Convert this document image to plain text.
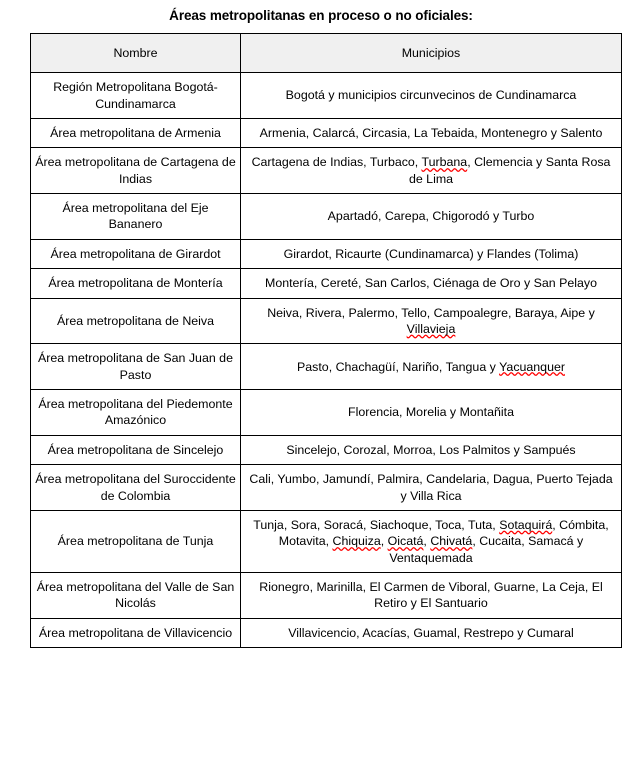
Áreas metropolitanas en proceso o no oficiales:
Nombre	Municipios
Región Metropolitana Bogotá-Cundinamarca	Bogotá y municipios circunvecinos de Cundinamarca
Área metropolitana de Armenia	Armenia, Calarcá, Circasia, La Tebaida, Montenegro y Salento
Área metropolitana de Cartagena de Indias	Cartagena de Indias, Turbaco, Turbana, Clemencia y Santa Rosa de Lima
Área metropolitana del Eje Bananero	Apartadó, Carepa, Chigorodó y Turbo
Área metropolitana de Girardot	Girardot, Ricaurte (Cundinamarca) y Flandes (Tolima)
Área metropolitana de Montería	Montería, Cereté, San Carlos, Ciénaga de Oro y San Pelayo
Área metropolitana de Neiva	Neiva, Rivera, Palermo, Tello, Campoalegre, Baraya, Aipe y Villavieja
Área metropolitana de San Juan de Pasto	Pasto, Chachagüí, Nariño, Tangua y Yacuanquer
Área metropolitana del Piedemonte Amazónico	Florencia, Morelia y Montañita
Área metropolitana de Sincelejo	Sincelejo, Corozal, Morroa, Los Palmitos y Sampués
Área metropolitana del Suroccidente de Colombia	Cali, Yumbo, Jamundí, Palmira, Candelaria, Dagua, Puerto Tejada y Villa Rica
Área metropolitana de Tunja	Tunja, Sora, Soracá, Siachoque, Toca, Tuta, Sotaquirá, Cómbita, Motavita, Chiquiza, Oicatá, Chivatá, Cucaita, Samacá y Ventaquemada
Área metropolitana del Valle de San Nicolás	Rionegro, Marinilla, El Carmen de Viboral, Guarne, La Ceja, El Retiro y El Santuario
Área metropolitana de Villavicencio	Villavicencio, Acacías, Guamal, Restrepo y Cumaral
